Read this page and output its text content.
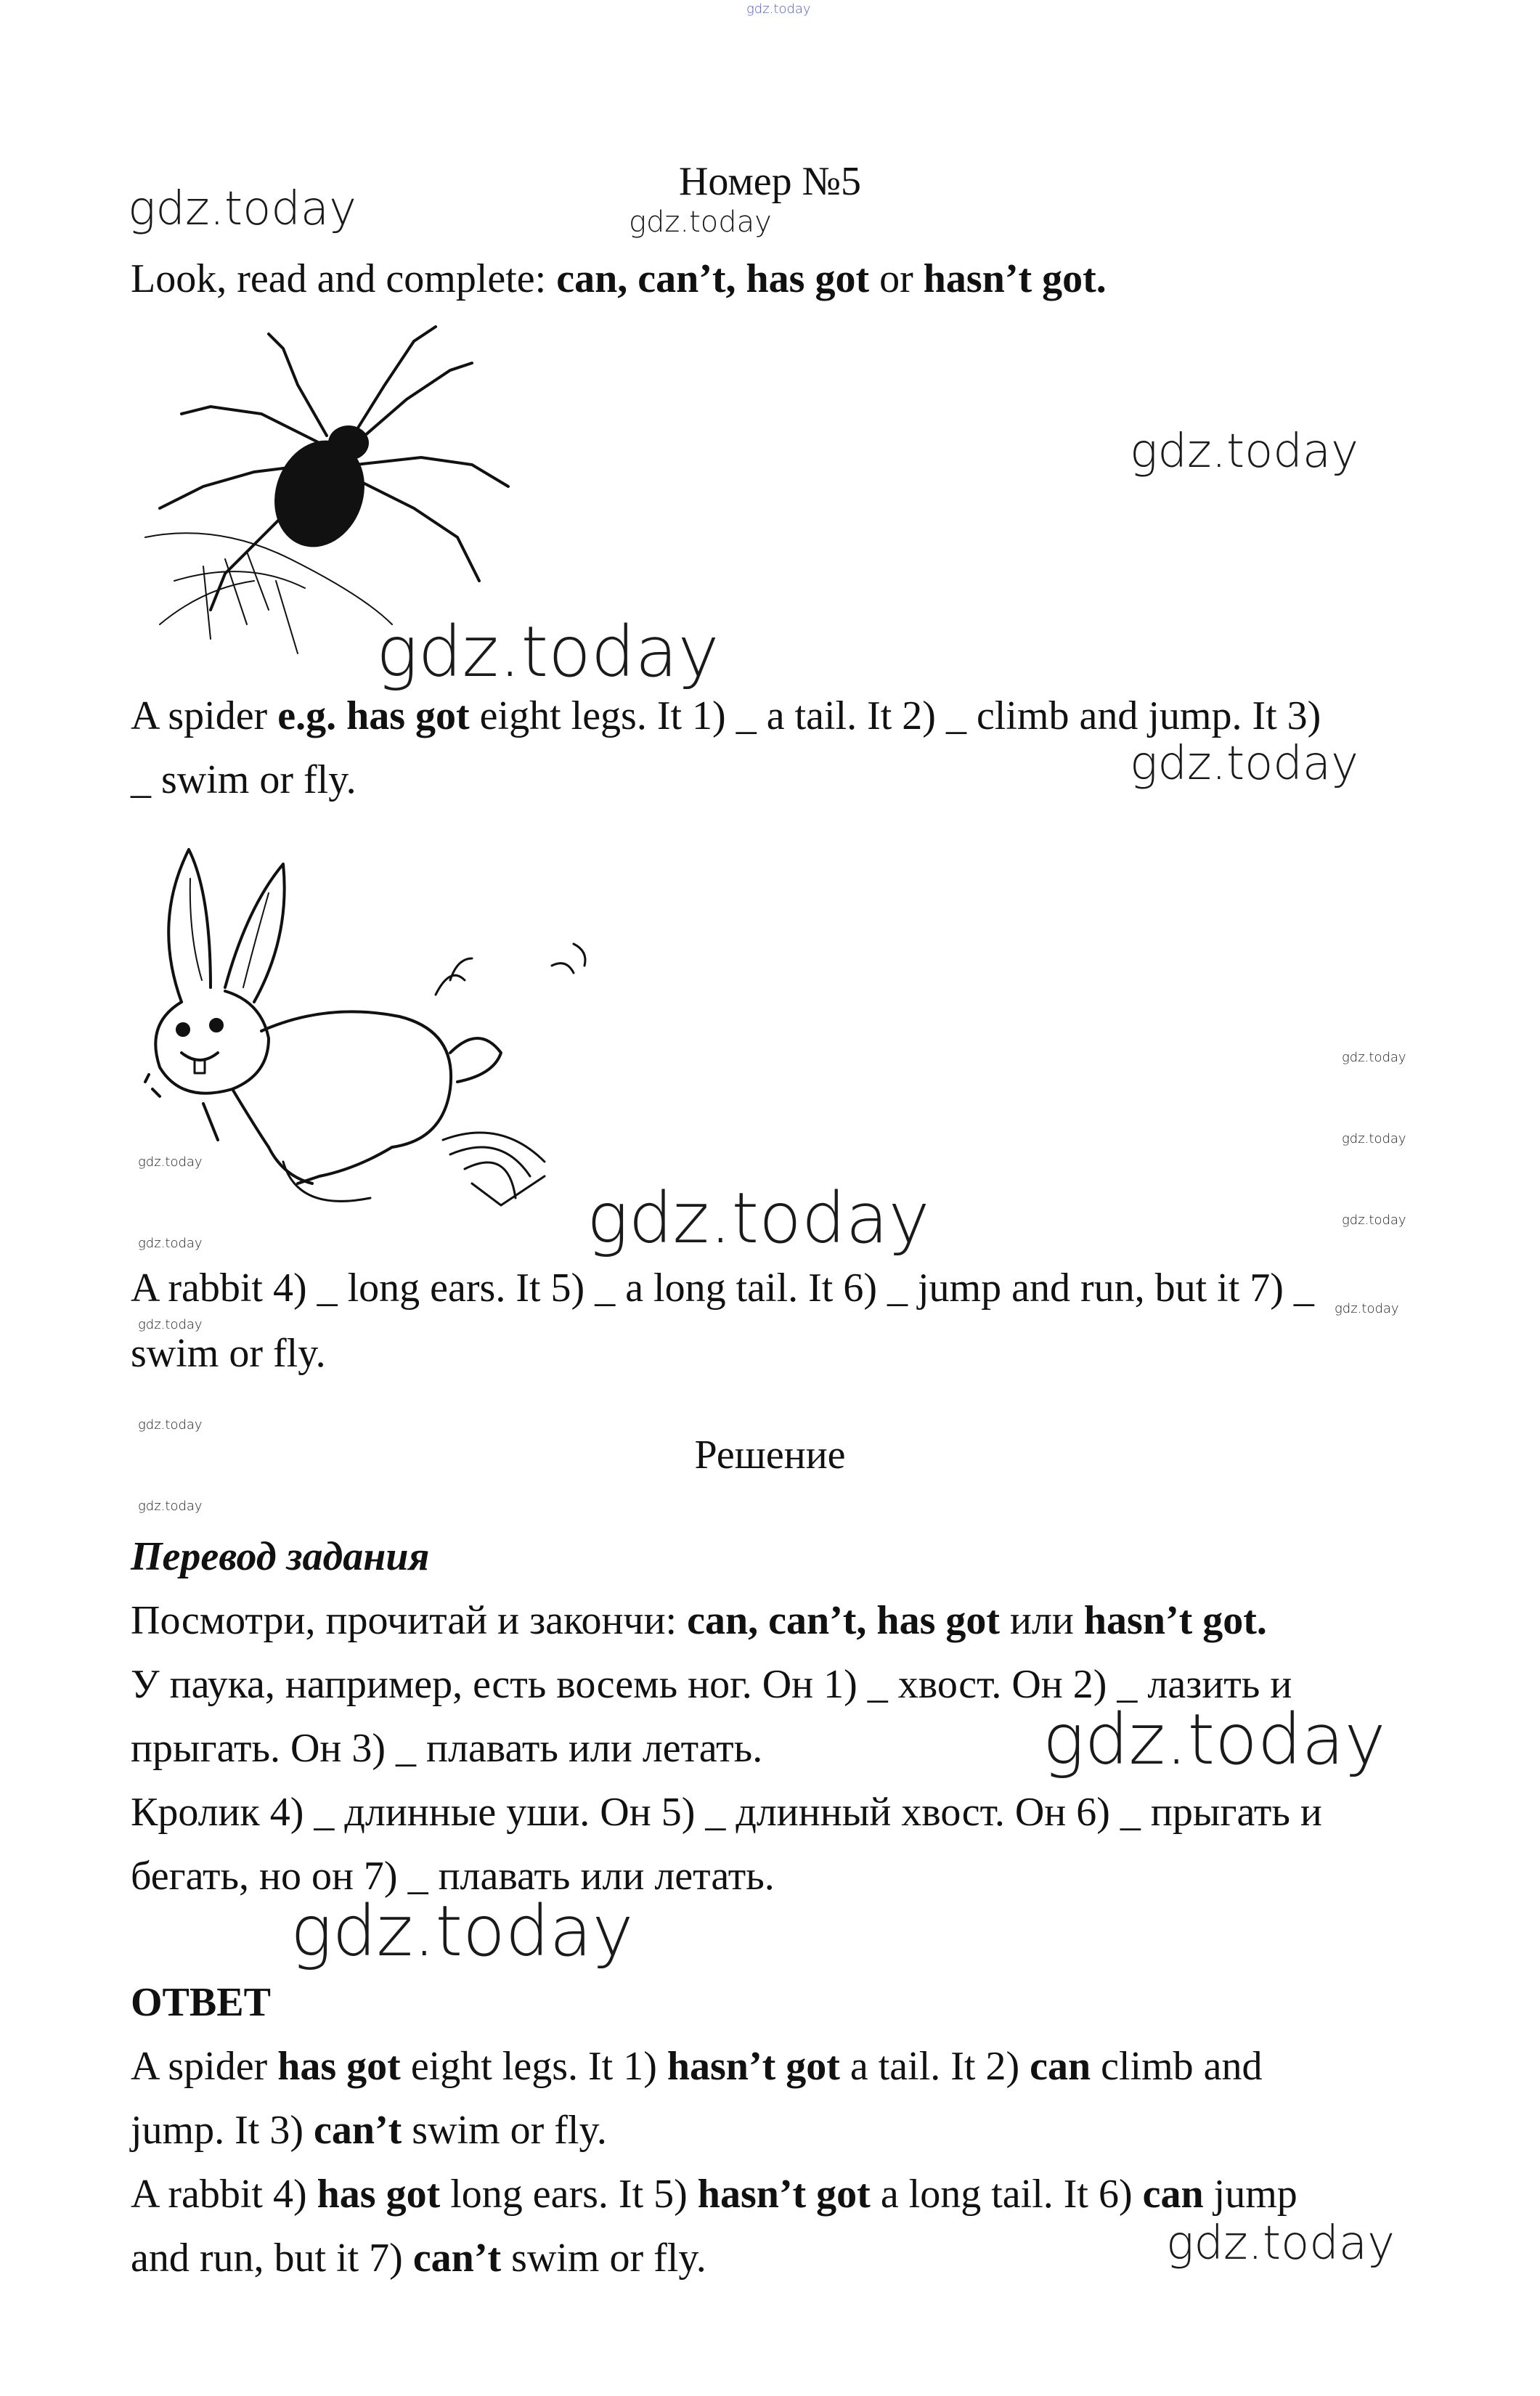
gdz.today
Номер №5
gdz.today	gdz.today
Look, read and complete: can, can’t, has got or hasn’t got.
gdz.today
gdz.today
A spider e.g. has got eight legs. It 1) _ a tail. It 2) _ climb and jump. It 3)
gdz.today
_ swim or fly.
gdz.today
gdz.today
gdz.today
gdz.today
gdz.today	gdz.today
A rabbit 4) _ long ears. It 5) _ a long tail. It 6) _ jump and run, but it 7) _ gdz.today
gdz.today
swim or fly.
gdz.today
Решение
gdz.today
Перевод задания
Посмотри, прочитай и закончи: can, can’t, has got или hasn’t got.
У паука, например, есть восемь ног. Он 1) _ хвост. Он 2) _ лазить и
gdz.today
прыгать. Он 3) _ плавать или летать.
Кролик 4) _ длинные уши. Он 5) _ длинный хвост. Он 6) _ прыгать и
бегать, но он 7) _ плавать или летать.
gdz.today
ОТВЕТ
A spider has got eight legs. It 1) hasn’t got a tail. It 2) can climb and
jump. It 3) can’t swim or fly.
A rabbit 4) has got long ears. It 5) hasn’t got a long tail. It 6) can jump
gdz.today
and run, but it 7) can’t swim or fly.
